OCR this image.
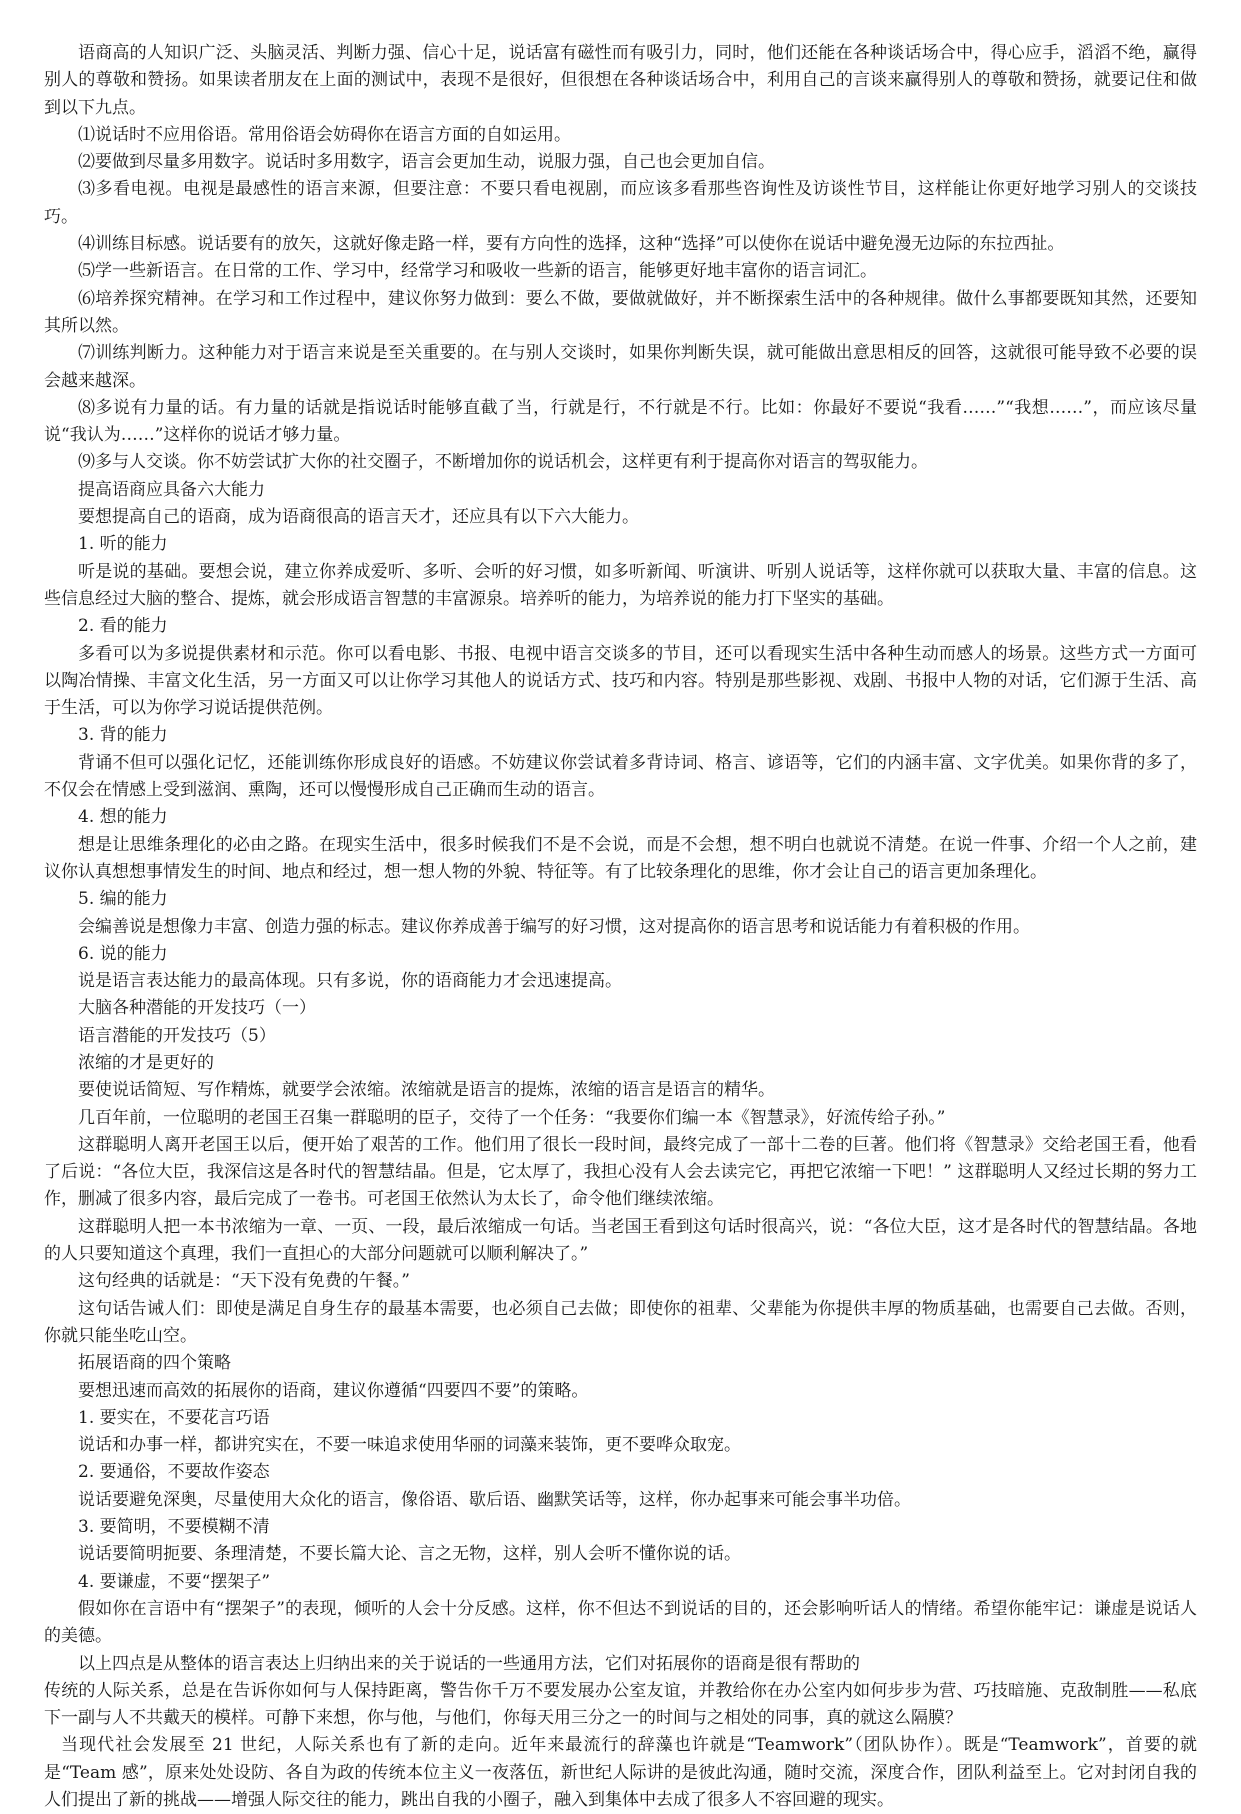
语商高的人知识广泛、头脑灵活、判断力强、信心十足，说话富有磁性而有吸引力，同时，他们还能在各种谈话场合中，得心应手，滔滔不绝，赢得别人的尊敬和赞扬。如果读者朋友在上面的测试中，表现不是很好，但很想在各种谈话场合中，利用自己的言谈来赢得别人的尊敬和赞扬，就要记住和做到以下九点。

⑴说话时不应用俗语。常用俗语会妨碍你在语言方面的自如运用。

⑵要做到尽量多用数字。说话时多用数字，语言会更加生动，说服力强，自己也会更加自信。

⑶多看电视。电视是最感性的语言来源，但要注意：不要只看电视剧，而应该多看那些咨询性及访谈性节目，这样能让你更好地学习别人的交谈技巧。

⑷训练目标感。说话要有的放矢，这就好像走路一样，要有方向性的选择，这种“选择”可以使你在说话中避免漫无边际的东拉西扯。

⑸学一些新语言。在日常的工作、学习中，经常学习和吸收一些新的语言，能够更好地丰富你的语言词汇。

⑹培养探究精神。在学习和工作过程中，建议你努力做到：要么不做，要做就做好，并不断探索生活中的各种规律。做什么事都要既知其然，还要知其所以然。

⑺训练判断力。这种能力对于语言来说是至关重要的。在与别人交谈时，如果你判断失误，就可能做出意思相反的回答，这就很可能导致不必要的误会越来越深。

⑻多说有力量的话。有力量的话就是指说话时能够直截了当，行就是行，不行就是不行。比如：你最好不要说“我看……”“我想……”，而应该尽量说“我认为……”这样你的说话才够力量。

⑼多与人交谈。你不妨尝试扩大你的社交圈子，不断增加你的说话机会，这样更有利于提高你对语言的驾驭能力。

提高语商应具备六大能力

要想提高自己的语商，成为语商很高的语言天才，还应具有以下六大能力。

1. 听的能力

听是说的基础。要想会说，建立你养成爱听、多听、会听的好习惯，如多听新闻、听演讲、听别人说话等，这样你就可以获取大量、丰富的信息。这些信息经过大脑的整合、提炼，就会形成语言智慧的丰富源泉。培养听的能力，为培养说的能力打下坚实的基础。

2. 看的能力

多看可以为多说提供素材和示范。你可以看电影、书报、电视中语言交谈多的节目，还可以看现实生活中各种生动而感人的场景。这些方式一方面可以陶冶情操、丰富文化生活，另一方面又可以让你学习其他人的说话方式、技巧和内容。特别是那些影视、戏剧、书报中人物的对话，它们源于生活、高于生活，可以为你学习说话提供范例。

3. 背的能力

背诵不但可以强化记忆，还能训练你形成良好的语感。不妨建议你尝试着多背诗词、格言、谚语等，它们的内涵丰富、文字优美。如果你背的多了，不仅会在情感上受到滋润、熏陶，还可以慢慢形成自己正确而生动的语言。

4. 想的能力

想是让思维条理化的必由之路。在现实生活中，很多时候我们不是不会说，而是不会想，想不明白也就说不清楚。在说一件事、介绍一个人之前，建议你认真想想事情发生的时间、地点和经过，想一想人物的外貌、特征等。有了比较条理化的思维，你才会让自己的语言更加条理化。

5. 编的能力

会编善说是想像力丰富、创造力强的标志。建议你养成善于编写的好习惯，这对提高你的语言思考和说话能力有着积极的作用。

6. 说的能力

说是语言表达能力的最高体现。只有多说，你的语商能力才会迅速提高。

大脑各种潜能的开发技巧（一）

语言潜能的开发技巧（5）

浓缩的才是更好的

要使说话简短、写作精炼，就要学会浓缩。浓缩就是语言的提炼，浓缩的语言是语言的精华。

几百年前，一位聪明的老国王召集一群聪明的臣子，交待了一个任务：“我要你们编一本《智慧录》，好流传给子孙。”

这群聪明人离开老国王以后，便开始了艰苦的工作。他们用了很长一段时间，最终完成了一部十二卷的巨著。他们将《智慧录》交给老国王看，他看了后说：“各位大臣，我深信这是各时代的智慧结晶。但是，它太厚了，我担心没有人会去读完它，再把它浓缩一下吧！” 这群聪明人又经过长期的努力工作，删减了很多内容，最后完成了一卷书。可老国王依然认为太长了，命令他们继续浓缩。

这群聪明人把一本书浓缩为一章、一页、一段，最后浓缩成一句话。当老国王看到这句话时很高兴，说：“各位大臣，这才是各时代的智慧结晶。各地的人只要知道这个真理，我们一直担心的大部分问题就可以顺利解决了。”

这句经典的话就是：“天下没有免费的午餐。”

这句话告诫人们：即使是满足自身生存的最基本需要，也必须自己去做；即使你的祖辈、父辈能为你提供丰厚的物质基础，也需要自己去做。否则，你就只能坐吃山空。

拓展语商的四个策略

要想迅速而高效的拓展你的语商，建议你遵循“四要四不要”的策略。

1. 要实在，不要花言巧语

说话和办事一样，都讲究实在，不要一味追求使用华丽的词藻来装饰，更不要哗众取宠。

2. 要通俗，不要故作姿态

说话要避免深奥，尽量使用大众化的语言，像俗语、歇后语、幽默笑话等，这样，你办起事来可能会事半功倍。

3. 要简明，不要模糊不清

说话要简明扼要、条理清楚，不要长篇大论、言之无物，这样，别人会听不懂你说的话。

4. 要谦虚，不要“摆架子”

假如你在言语中有“摆架子”的表现，倾听的人会十分反感。这样，你不但达不到说话的目的，还会影响听话人的情绪。希望你能牢记：谦虚是说话人的美德。

以上四点是从整体的语言表达上归纳出来的关于说话的一些通用方法，它们对拓展你的语商是很有帮助的

传统的人际关系，总是在告诉你如何与人保持距离，警告你千万不要发展办公室友谊，并教给你在办公室内如何步步为营、巧技暗施、克敌制胜——私底下一副与人不共戴天的模样。可静下来想，你与他，与他们，你每天用三分之一的时间与之相处的同事，真的就这么隔膜？

当现代社会发展至 21 世纪，人际关系也有了新的走向。近年来最流行的辞藻也许就是“Teamwork”（团队协作）。既是“Teamwork”，首要的就是“Team 感”，原来处处设防、各自为政的传统本位主义一夜落伍，新世纪人际讲的是彼此沟通，随时交流，深度合作，团队利益至上。它对封闭自我的人们提出了新的挑战——增强人际交往的能力，跳出自我的小圈子，融入到集体中去成了很多人不容回避的现实。
